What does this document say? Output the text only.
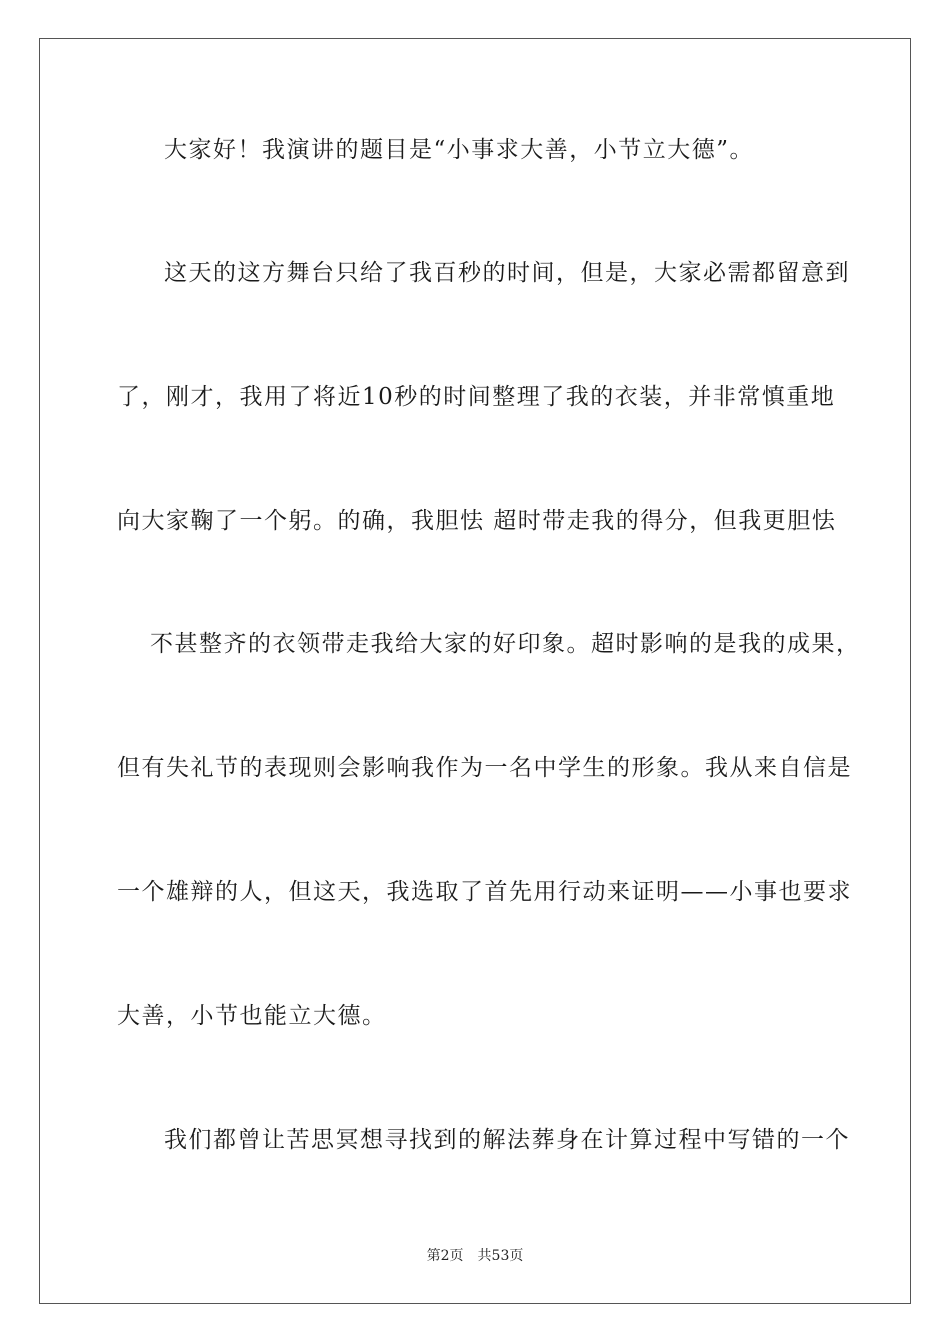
大家好！我演讲的题目是“小事求大善，小节立大德”。
这天的这方舞台只给了我百秒的时间，但是，大家必需都留意到
了，刚才，我用了将近10秒的时间整理了我的衣装，并非常慎重地
向大家鞠了一个躬。的确，我胆怯 超时带走我的得分，但我更胆怯
不甚整齐的衣领带走我给大家的好印象。超时影响的是我的成果，
但有失礼节的表现则会影响我作为一名中学生的形象。我从来自信是
一个雄辩的人，但这天，我选取了首先用行动来证明——小事也要求
大善，小节也能立大德。
我们都曾让苦思冥想寻找到的解法葬身在计算过程中写错的一个
第2页 共53页
